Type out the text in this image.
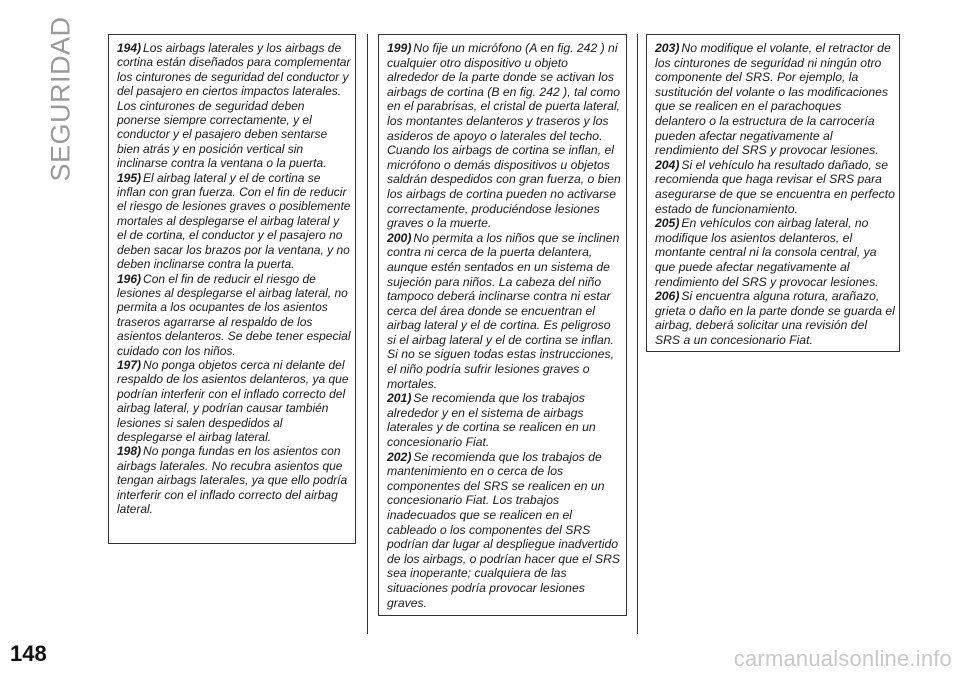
SEGURIDAD
148

194) Los airbags laterales y los airbags de cortina están diseñados para complementar los cinturones de seguridad del conductor y del pasajero en ciertos impactos laterales. Los cinturones de seguridad deben ponerse siempre correctamente, y el conductor y el pasajero deben sentarse bien atrás y en posición vertical sin inclinarse contra la ventana o la puerta.

195) El airbag lateral y el de cortina se inflan con gran fuerza. Con el fin de reducir el riesgo de lesiones graves o posiblemente mortales al desplegarse el airbag lateral y el de cortina, el conductor y el pasajero no deben sacar los brazos por la ventana, y no deben inclinarse contra la puerta.

196) Con el fin de reducir el riesgo de lesiones al desplegarse el airbag lateral, no permita a los ocupantes de los asientos traseros agarrarse al respaldo de los asientos delanteros. Se debe tener especial cuidado con los niños.

197) No ponga objetos cerca ni delante del respaldo de los asientos delanteros, ya que podrían interferir con el inflado correcto del airbag lateral, y podrían causar también lesiones si salen despedidos al desplegarse el airbag lateral.

198) No ponga fundas en los asientos con airbags laterales. No recubra asientos que tengan airbags laterales, ya que ello podría interferir con el inflado correcto del airbag lateral.

199) No fije un micrófono (A en fig. 242 ) ni cualquier otro dispositivo u objeto alrededor de la parte donde se activan los airbags de cortina (B en fig. 242 ), tal como en el parabrisas, el cristal de puerta lateral, los montantes delanteros y traseros y los asideros de apoyo o laterales del techo. Cuando los airbags de cortina se inflan, el micrófono o demás dispositivos u objetos saldrán despedidos con gran fuerza, o bien los airbags de cortina pueden no activarse correctamente, produciéndose lesiones graves o la muerte.

200) No permita a los niños que se inclinen contra ni cerca de la puerta delantera, aunque estén sentados en un sistema de sujeción para niños. La cabeza del niño tampoco deberá inclinarse contra ni estar cerca del área donde se encuentran el airbag lateral y el de cortina. Es peligroso si el airbag lateral y el de cortina se inflan. Si no se siguen todas estas instrucciones, el niño podría sufrir lesiones graves o mortales.

201) Se recomienda que los trabajos alrededor y en el sistema de airbags laterales y de cortina se realicen en un concesionario Fiat.

202) Se recomienda que los trabajos de mantenimiento en o cerca de los componentes del SRS se realicen en un concesionario Fiat. Los trabajos inadecuados que se realicen en el cableado o los componentes del SRS podrían dar lugar al despliegue inadvertido de los airbags, o podrían hacer que el SRS sea inoperante; cualquiera de las situaciones podría provocar lesiones graves.

203) No modifique el volante, el retractor de los cinturones de seguridad ni ningún otro componente del SRS. Por ejemplo, la sustitución del volante o las modificaciones que se realicen en el parachoques delantero o la estructura de la carrocería pueden afectar negativamente al rendimiento del SRS y provocar lesiones.

204) Si el vehículo ha resultado dañado, se recomienda que haga revisar el SRS para asegurarse de que se encuentra en perfecto estado de funcionamiento.

205) En vehículos con airbag lateral, no modifique los asientos delanteros, el montante central ni la consola central, ya que puede afectar negativamente al rendimiento del SRS y provocar lesiones.

206) Si encuentra alguna rotura, arañazo, grieta o daño en la parte donde se guarda el airbag, deberá solicitar una revisión del SRS a un concesionario Fiat.

carmanualsonline.info
